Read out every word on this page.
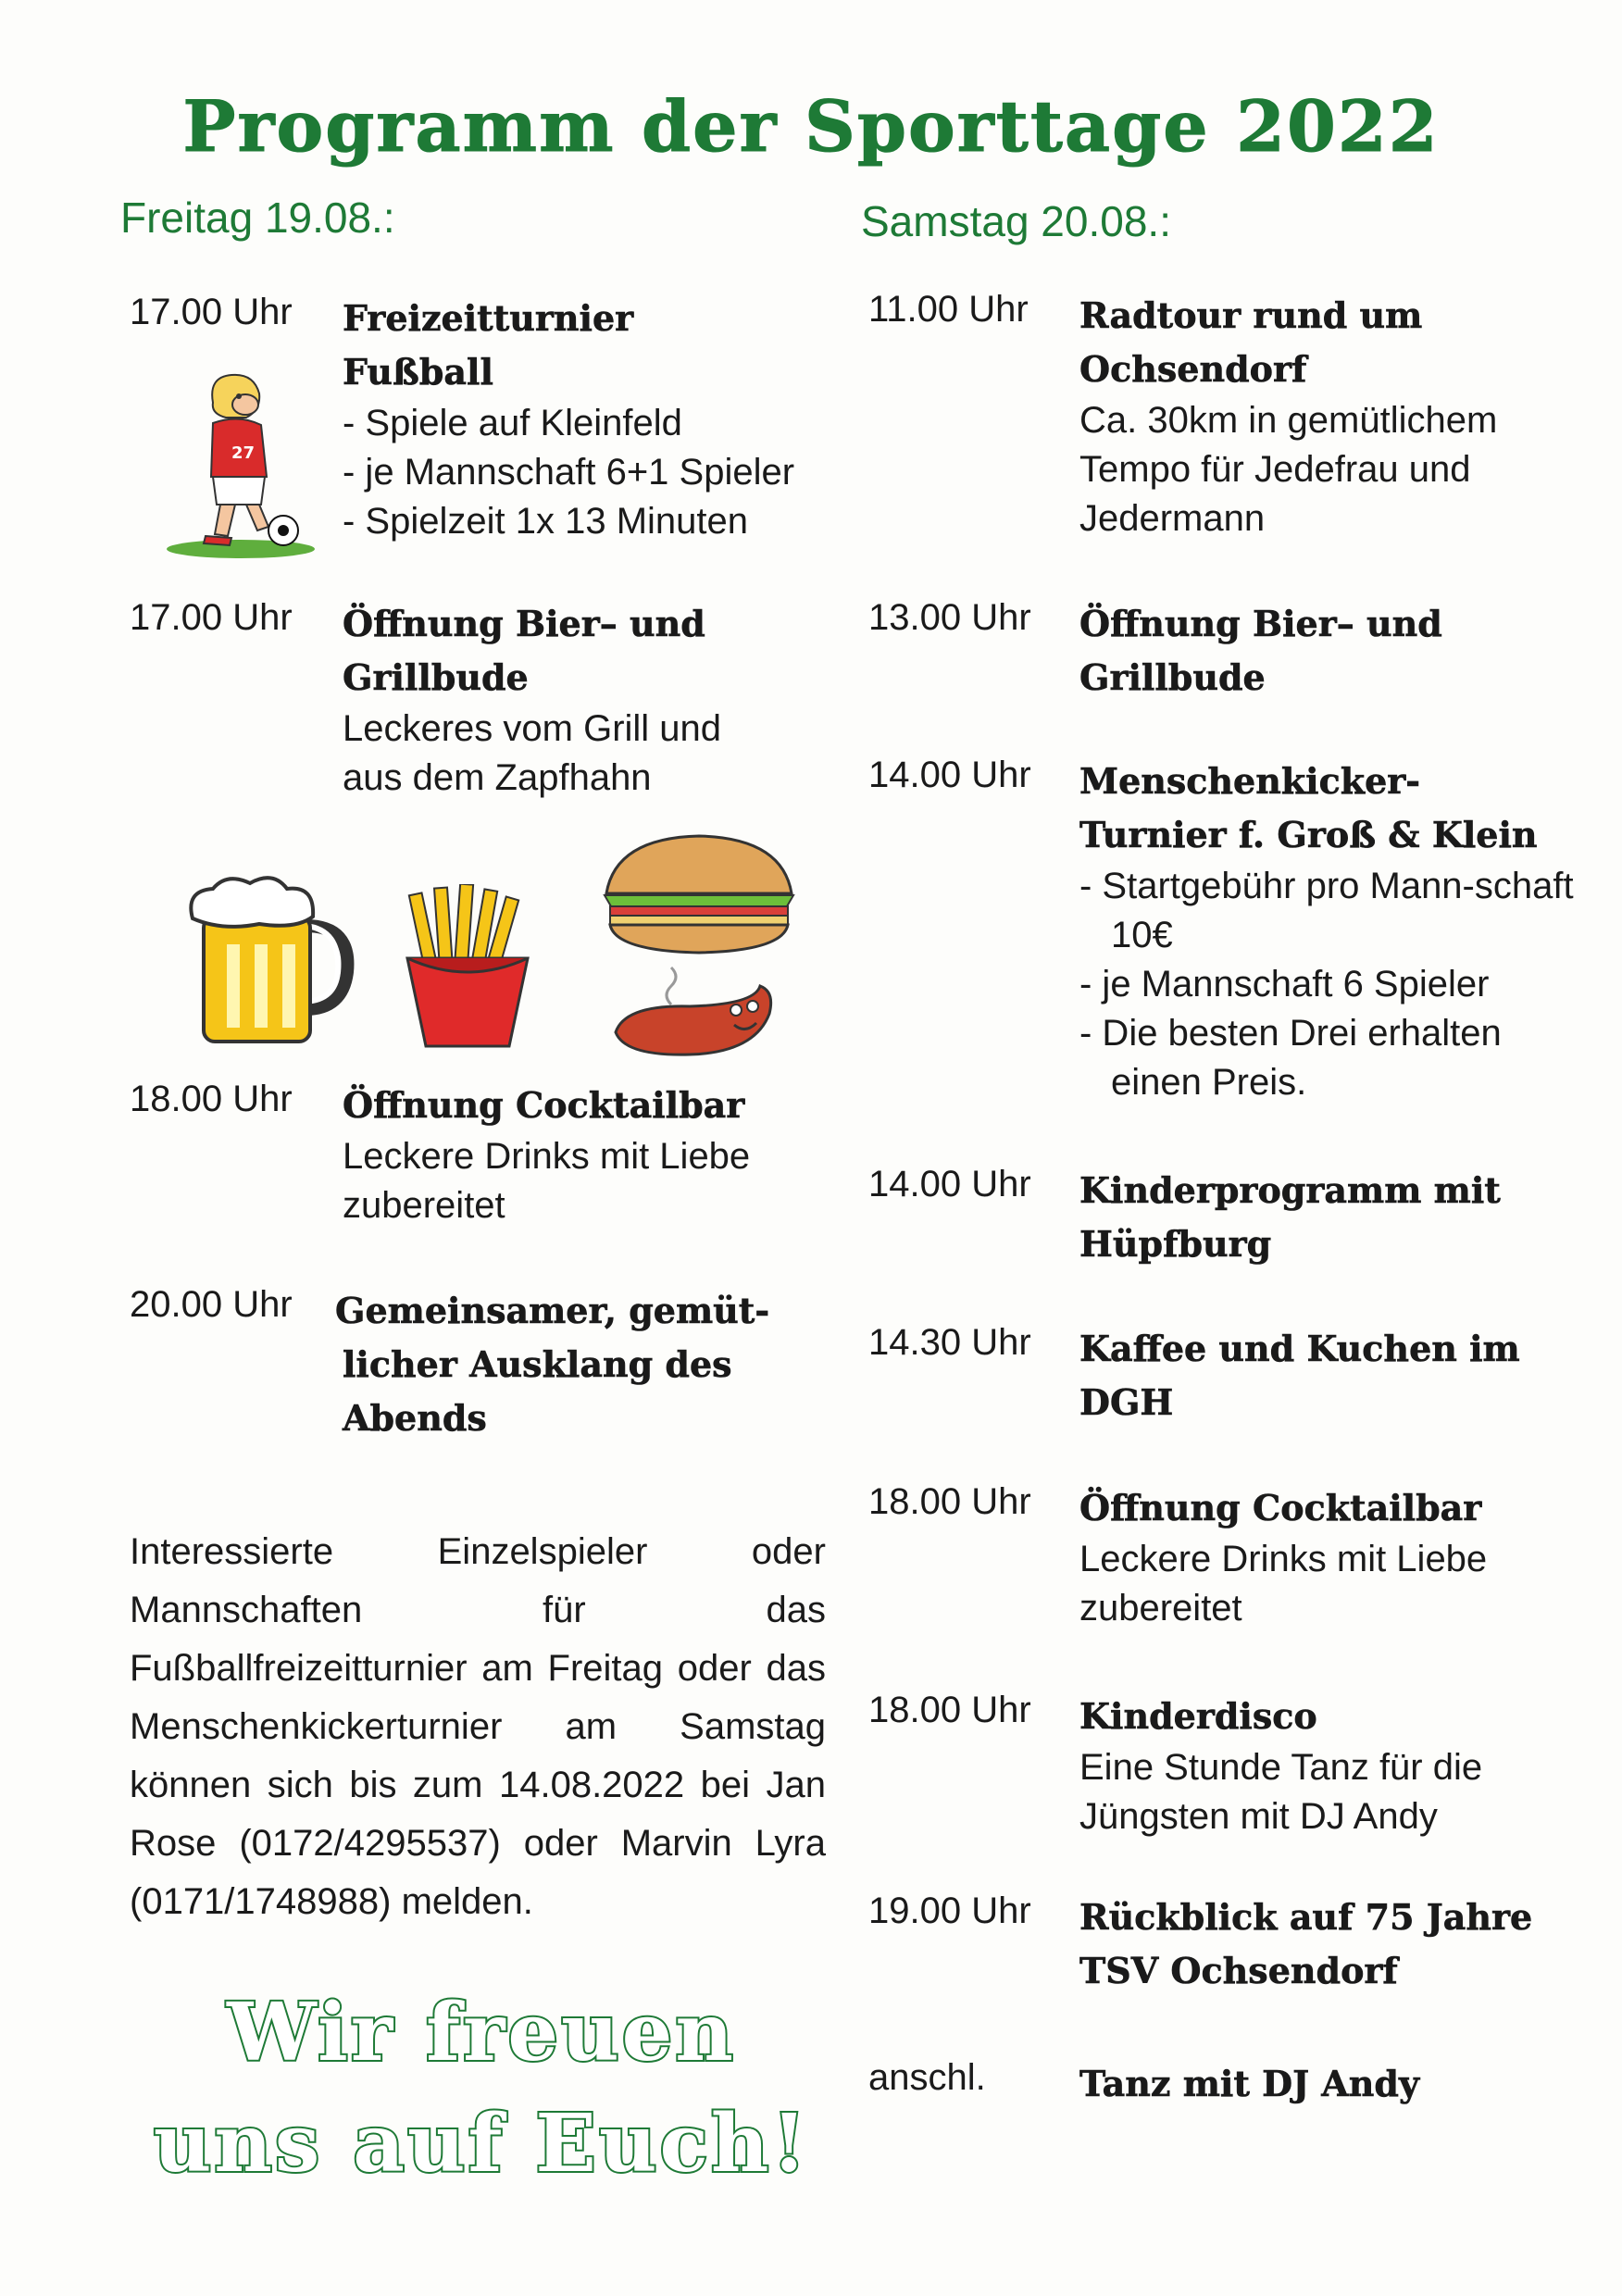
Programm der Sporttage 2022
Freitag 19.08.:	Samstag 20.08.:
17.00 Uhr Freizeitturnier
Fußball
- Spiele auf Kleinfeld
- je Mannschaft 6+1 Spieler
- Spielzeit 1x 13 Minuten
27
17.00 Uhr Öffnung Bier– und
Grillbude
Leckeres vom Grill und
aus dem Zapfhahn
18.00 Uhr Öffnung Cocktailbar
Leckere Drinks mit Liebe
zubereitet
20.00 Uhr Gemeinsamer, gemüt-
licher Ausklang des
Abends
Interessierte Einzelspieler oder Mannschaften für das Fußballfreizeitturnier am Freitag oder das Menschenkickerturnier am Samstag können sich bis zum 14.08.2022 bei Jan Rose (0172/4295537) oder Marvin Lyra (0171/1748988) melden.
Wir freuen
uns auf Euch!
11.00 Uhr Radtour rund um
Ochsendorf
Ca. 30km in gemütlichem
Tempo für Jedefrau und
Jedermann
13.00 Uhr Öffnung Bier– und
Grillbude
14.00 Uhr Menschenkicker-
Turnier f. Groß & Klein
- Startgebühr pro Mann-schaft 10€
- je Mannschaft 6 Spieler
- Die besten Drei erhalten einen Preis.
14.00 Uhr Kinderprogramm mit
Hüpfburg
14.30 Uhr Kaffee und Kuchen im
DGH
18.00 Uhr Öffnung Cocktailbar
Leckere Drinks mit Liebe
zubereitet
18.00 Uhr Kinderdisco
Eine Stunde Tanz für die
Jüngsten mit DJ Andy
19.00 Uhr Rückblick auf 75 Jahre
TSV Ochsendorf
anschl.	Tanz mit DJ Andy
